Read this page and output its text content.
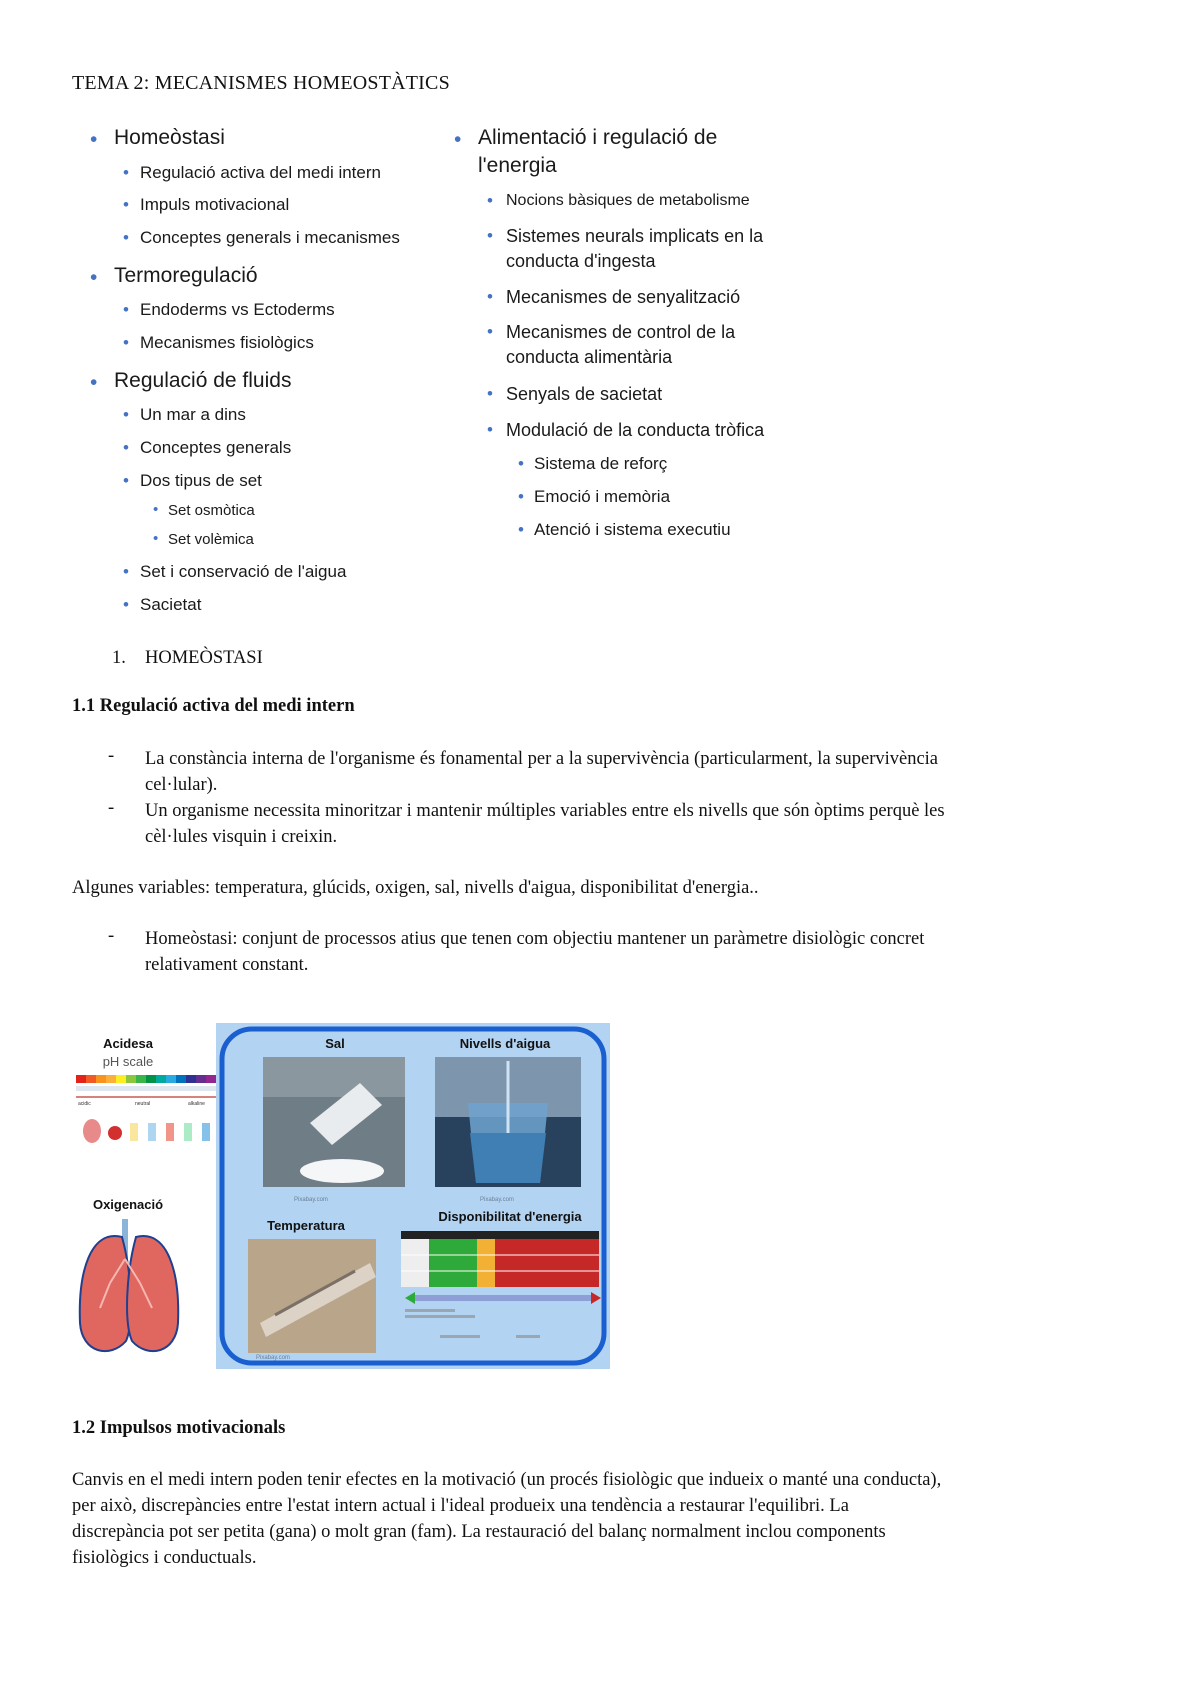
TEMA 2: MECANISMES HOMEOSTÀTICS
• Homeòstasi
• Regulació activa del medi intern
• Impuls motivacional
• Conceptes generals i mecanismes
• Termoregulació
• Endoderms vs Ectoderms
• Mecanismes fisiològics
• Regulació de fluids
• Un mar a dins
• Conceptes generals
• Dos tipus de set
• Set osmòtica
• Set volèmica
• Set i conservació de l'aigua
• Sacietat
• Alimentació i regulació de
l'energia
• Nocions bàsiques de metabolisme
• Sistemes neurals implicats en la
conducta d'ingesta
• Mecanismes de senyalització
• Mecanismes de control de la
conducta alimentària
• Senyals de sacietat
• Modulació de la conducta tròfica
• Sistema de reforç
• Emoció i memòria
• Atenció i sistema executiu
1. HOMEÒSTASI
1.1 Regulació activa del medi intern
- La constància interna de l'organisme és fonamental per a la supervivència (particularment, la supervivència
cel·lular).
- Un organisme necessita minoritzar i mantenir múltiples variables entre els nivells que són òptims perquè les
cèl·lules visquin i creixin.
Algunes variables: temperatura, glúcids, oxigen, sal, nivells d'aigua, disponibilitat d'energia..
- Homeòstasi: conjunt de processos atius que tenen com objectiu mantener un paràmetre disiològic concret
relativament constant.
Acidesa
pH scale
acidic	neutral	alkaline
Oxigenació
Sal	Nivells d'aigua
Pixabay.com	Pixabay.com
Temperatura
Disponibilitat d'energia
Pixabay.com
1.2 Impulsos motivacionals
Canvis en el medi intern poden tenir efectes en la motivació (un procés fisiològic que indueix o manté una conducta),
per això, discrepàncies entre l'estat intern actual i l'ideal produeix una tendència a restaurar l'equilibri. La
discrepància pot ser petita (gana) o molt gran (fam). La restauració del balanç normalment inclou components
fisiològics i conductuals.
